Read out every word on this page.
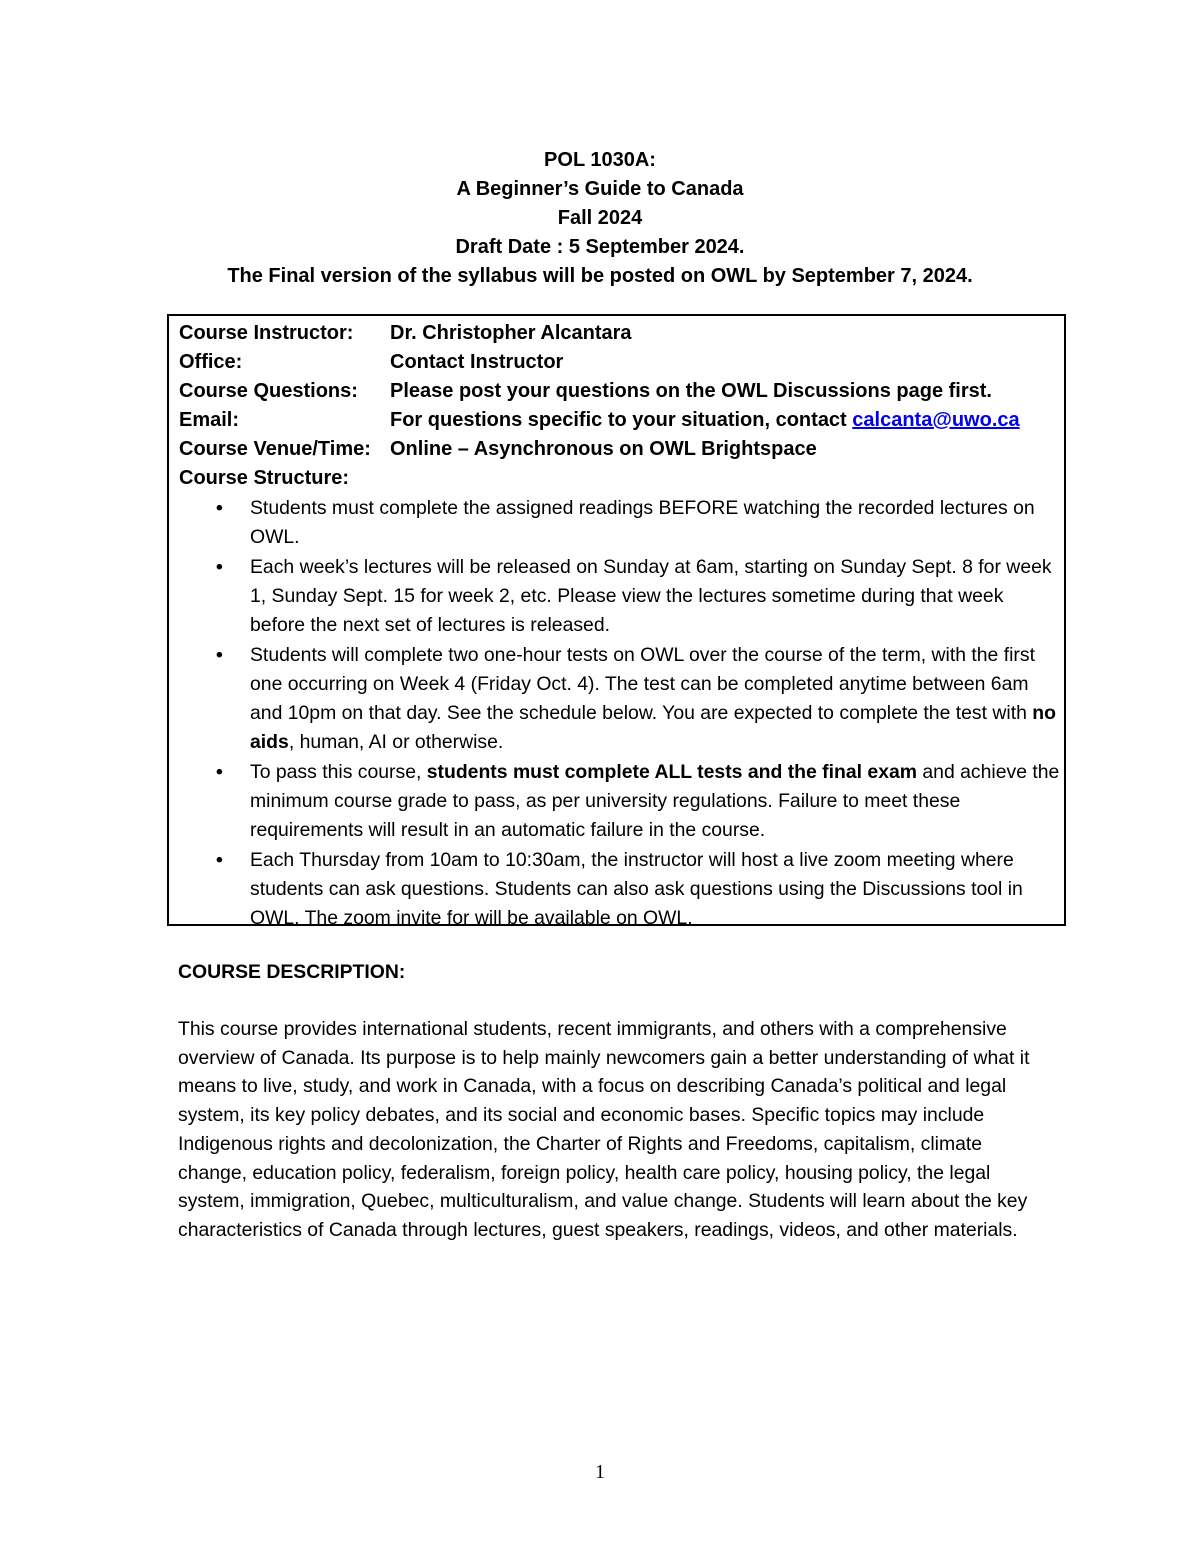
POL 1030A:
A Beginner’s Guide to Canada
Fall 2024
Draft Date : 5 September 2024.
The Final version of the syllabus will be posted on OWL by September 7, 2024.
Course Instructor:	Dr. Christopher Alcantara
Office:	Contact Instructor
Course Questions:	Please post your questions on the OWL Discussions page first.
Email:	For questions specific to your situation, contact calcanta@uwo.ca
Course Venue/Time: Online – Asynchronous on OWL Brightspace
Course Structure:
• Students must complete the assigned readings BEFORE watching the recorded lectures on OWL.
• Each week’s lectures will be released on Sunday at 6am, starting on Sunday Sept. 8 for week 1, Sunday Sept. 15 for week 2, etc. Please view the lectures sometime during that week before the next set of lectures is released.
• Students will complete two one-hour tests on OWL over the course of the term, with the first one occurring on Week 4 (Friday Oct. 4). The test can be completed anytime between 6am and 10pm on that day. See the schedule below. You are expected to complete the test with no aids, human, AI or otherwise.
• To pass this course, students must complete ALL tests and the final exam and achieve the minimum course grade to pass, as per university regulations. Failure to meet these requirements will result in an automatic failure in the course.
• Each Thursday from 10am to 10:30am, the instructor will host a live zoom meeting where students can ask questions. Students can also ask questions using the Discussions tool in OWL. The zoom invite for will be available on OWL.
COURSE DESCRIPTION:
This course provides international students, recent immigrants, and others with a comprehensive overview of Canada. Its purpose is to help mainly newcomers gain a better understanding of what it means to live, study, and work in Canada, with a focus on describing Canada’s political and legal system, its key policy debates, and its social and economic bases. Specific topics may include Indigenous rights and decolonization, the Charter of Rights and Freedoms, capitalism, climate change, education policy, federalism, foreign policy, health care policy, housing policy, the legal system, immigration, Quebec, multiculturalism, and value change. Students will learn about the key characteristics of Canada through lectures, guest speakers, readings, videos, and other materials.
1
